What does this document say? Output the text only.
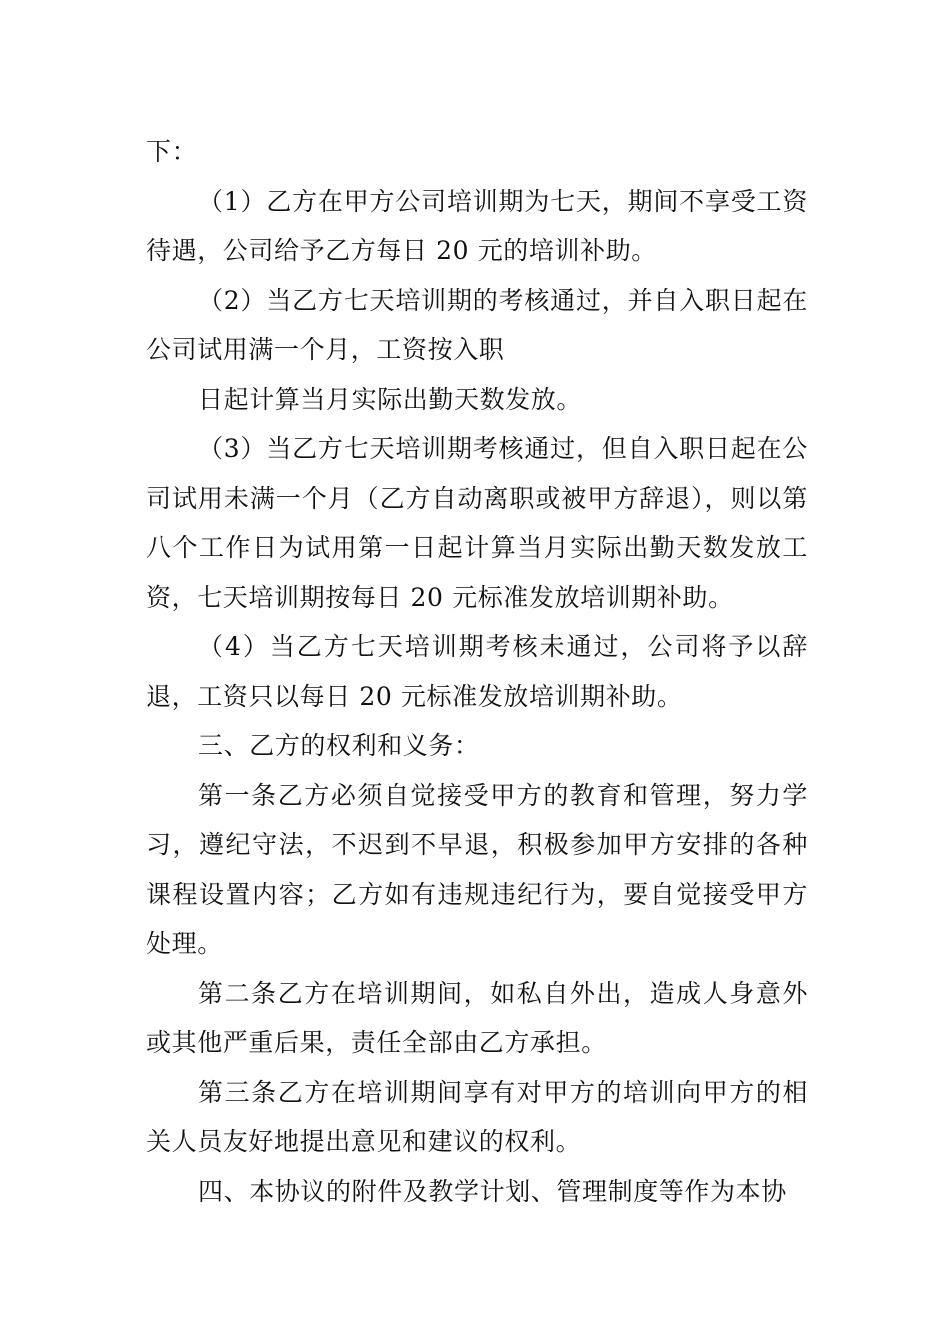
下：

（1）乙方在甲方公司培训期为七天，期间不享受工资待遇，公司给予乙方每日 20 元的培训补助。

（2）当乙方七天培训期的考核通过，并自入职日起在公司试用满一个月，工资按入职

日起计算当月实际出勤天数发放。

（3）当乙方七天培训期考核通过，但自入职日起在公司试用未满一个月（乙方自动离职或被甲方辞退），则以第八个工作日为试用第一日起计算当月实际出勤天数发放工资，七天培训期按每日 20 元标准发放培训期补助。

（4）当乙方七天培训期考核未通过，公司将予以辞退，工资只以每日 20 元标准发放培训期补助。

三、乙方的权利和义务：

第一条乙方必须自觉接受甲方的教育和管理，努力学习，遵纪守法，不迟到不早退，积极参加甲方安排的各种课程设置内容；乙方如有违规违纪行为，要自觉接受甲方处理。

第二条乙方在培训期间，如私自外出，造成人身意外或其他严重后果，责任全部由乙方承担。

第三条乙方在培训期间享有对甲方的培训向甲方的相关人员友好地提出意见和建议的权利。

四、本协议的附件及教学计划、管理制度等作为本协
